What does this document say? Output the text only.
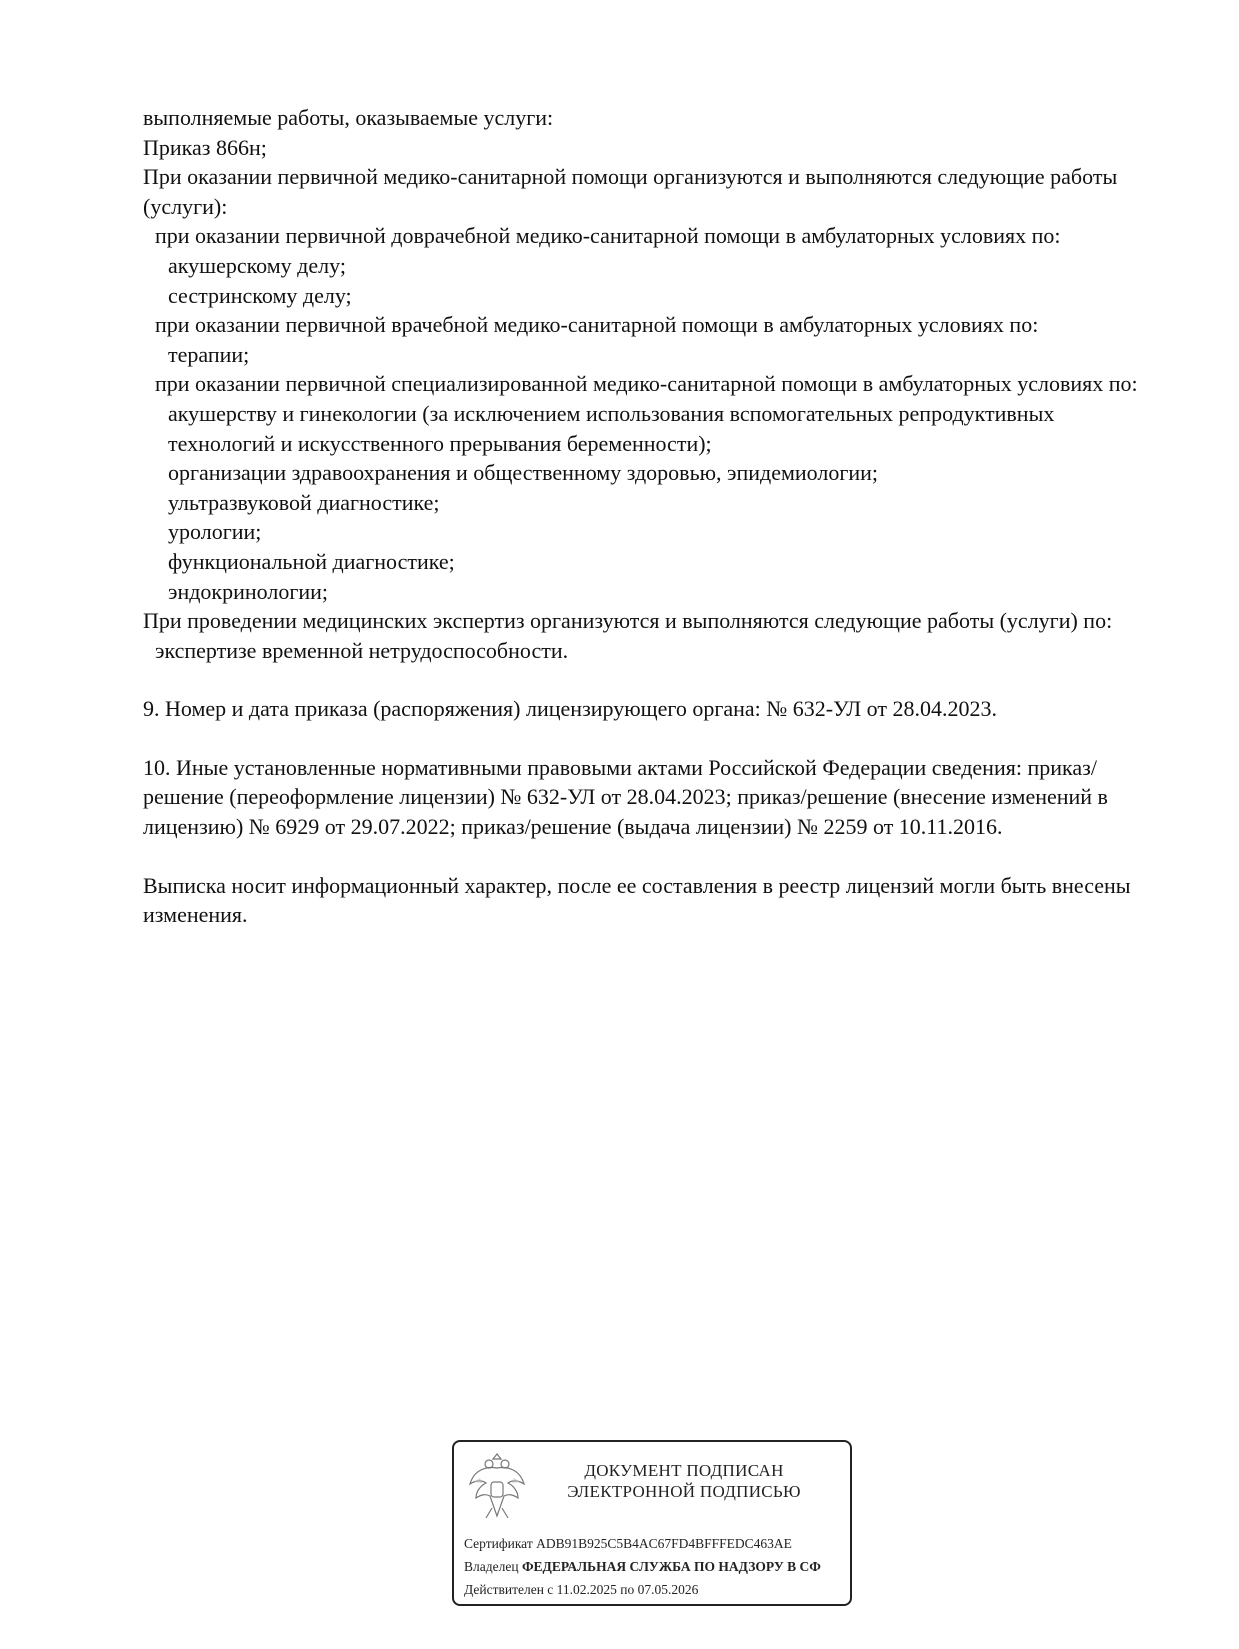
выполняемые работы, оказываемые услуги:
Приказ 866н;
При оказании первичной медико-санитарной помощи организуются и выполняются следующие работы (услуги):
при оказании первичной доврачебной медико-санитарной помощи в амбулаторных условиях по:
акушерскому делу;
сестринскому делу;
при оказании первичной врачебной медико-санитарной помощи в амбулаторных условиях по:
терапии;
при оказании первичной специализированной медико-санитарной помощи в амбулаторных условиях по:
акушерству и гинекологии (за исключением использования вспомогательных репродуктивных технологий и искусственного прерывания беременности);
организации здравоохранения и общественному здоровью, эпидемиологии;
ультразвуковой диагностике;
урологии;
функциональной диагностике;
эндокринологии;
При проведении медицинских экспертиз организуются и выполняются следующие работы (услуги) по:
экспертизе временной нетрудоспособности.
9. Номер и дата приказа (распоряжения) лицензирующего органа: № 632-УЛ от 28.04.2023.
10. Иные установленные нормативными правовыми актами Российской Федерации сведения: приказ/решение (переоформление лицензии) № 632-УЛ от 28.04.2023; приказ/решение (внесение изменений в лицензию) № 6929 от 29.07.2022; приказ/решение (выдача лицензии) № 2259 от 10.11.2016.
Выписка носит информационный характер, после ее составления в реестр лицензий могли быть внесены изменения.
ДОКУМЕНТ ПОДПИСАН
ЭЛЕКТРОННОЙ ПОДПИСЬЮ
Сертификат ADB91B925C5B4AC67FD4BFFFEDC463AE
Владелец ФЕДЕРАЛЬНАЯ СЛУЖБА ПО НАДЗОРУ В СФ
Действителен с 11.02.2025 по 07.05.2026
